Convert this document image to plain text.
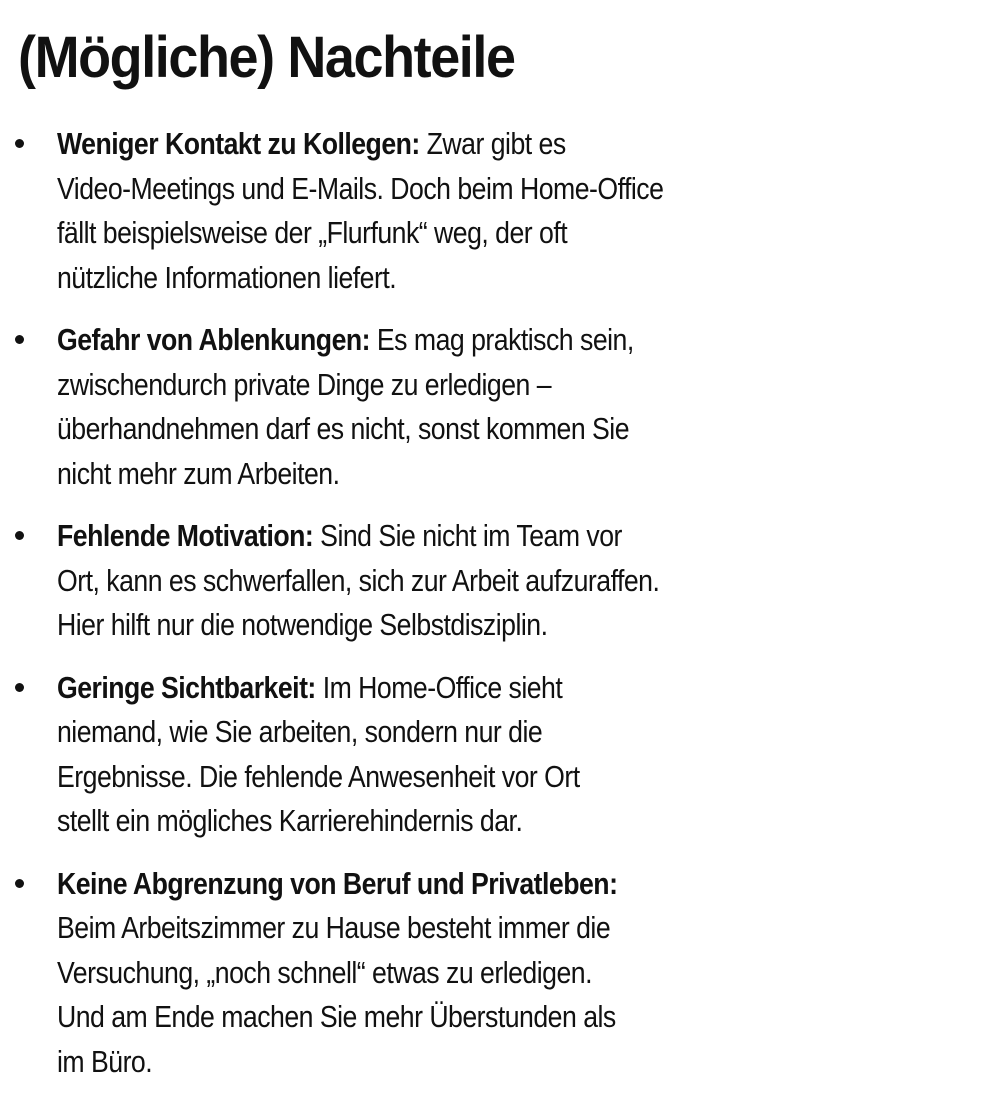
(Mögliche) Nachteile
Weniger Kontakt zu Kollegen: Zwar gibt es
Video-Meetings und E-Mails. Doch beim Home-Office
fällt beispielsweise der „Flurfunk“ weg, der oft
nützliche Informationen liefert.
Gefahr von Ablenkungen: Es mag praktisch sein,
zwischendurch private Dinge zu erledigen –
überhandnehmen darf es nicht, sonst kommen Sie
nicht mehr zum Arbeiten.
Fehlende Motivation: Sind Sie nicht im Team vor
Ort, kann es schwerfallen, sich zur Arbeit aufzuraffen.
Hier hilft nur die notwendige Selbstdisziplin.
Geringe Sichtbarkeit: Im Home-Office sieht
niemand, wie Sie arbeiten, sondern nur die
Ergebnisse. Die fehlende Anwesenheit vor Ort
stellt ein mögliches Karrierehindernis dar.
Keine Abgrenzung von Beruf und Privatleben:
Beim Arbeitszimmer zu Hause besteht immer die
Versuchung, „noch schnell“ etwas zu erledigen.
Und am Ende machen Sie mehr Überstunden als
im Büro.
